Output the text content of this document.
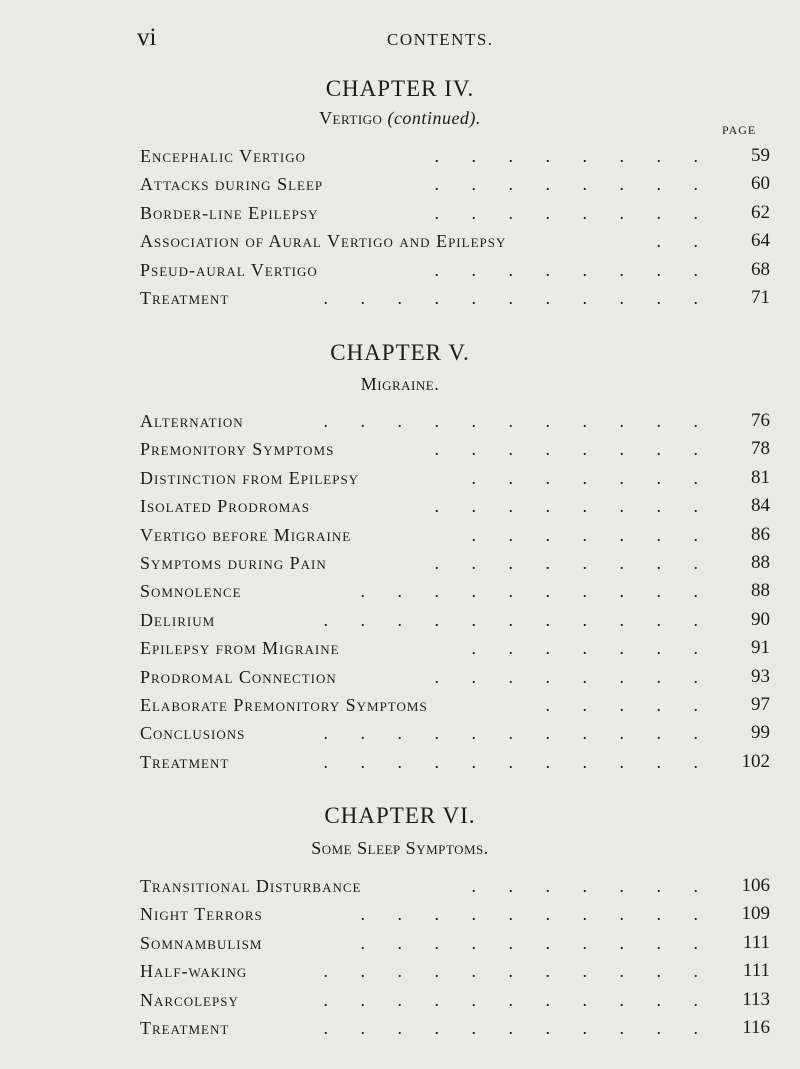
vi	CONTENTS.
CHAPTER IV.
Vertigo (continued).
PAGE
Encephalic Vertigo	. . . . . . . .	59
Attacks during Sleep	. . . . . . . .	60
Border-line Epilepsy	. . . . . . . .	62
Association of Aural Vertigo and Epilepsy	. .	64
Pseud-aural Vertigo	. . . . . . . .	68
Treatment	. . . . . . . . . . .	71
CHAPTER V.
Migraine.
Alternation	. . . . . . . . . . .	76
Premonitory Symptoms	. . . . . . . .	78
Distinction from Epilepsy	. . . . . . .	81
Isolated Prodromas	. . . . . . . .	84
Vertigo before Migraine	. . . . . . .	86
Symptoms during Pain	. . . . . . . .	88
Somnolence	. . . . . . . . . .	88
Delirium	. . . . . . . . . . .	90
Epilepsy from Migraine	. . . . . . .	91
Prodromal Connection	. . . . . . . .	93
Elaborate Premonitory Symptoms	. . . . .	97
Conclusions	. . . . . . . . . . .	99
Treatment	. . . . . . . . . . .	102
CHAPTER VI.
Some Sleep Symptoms.
Transitional Disturbance	. . . . . . .	106
Night Terrors	. . . . . . . . . .	109
Somnambulism	. . . . . . . . . .	111
Half-waking	. . . . . . . . . . .	111
Narcolepsy	. . . . . . . . . . .	113
Treatment	. . . . . . . . . . .	116
